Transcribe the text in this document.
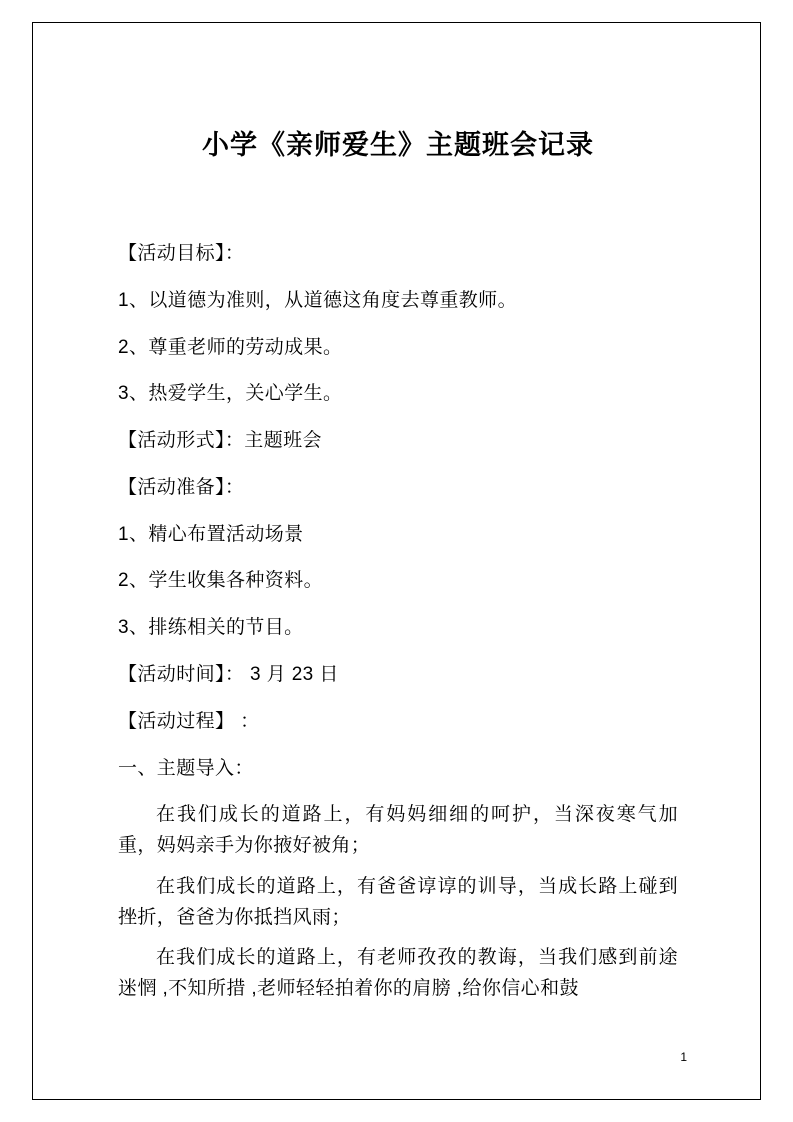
小学《亲师爱生》主题班会记录

【活动目标】：

1、以道德为准则，从道德这角度去尊重教师。

2、尊重老师的劳动成果。

3、热爱学生，关心学生。

【活动形式】：主题班会

【活动准备】：

1、精心布置活动场景

2、学生收集各种资料。

3、排练相关的节目。

【活动时间】： 3 月 23 日

【活动过程】 ：

一、主题导入：

在我们成长的道路上，有妈妈细细的呵护，当深夜寒气加重，妈妈亲手为你掖好被角；

在我们成长的道路上，有爸爸谆谆的训导，当成长路上碰到挫折，爸爸为你抵挡风雨；

在我们成长的道路上，有老师孜孜的教诲，当我们感到前途迷惘 ,不知所措 ,老师轻轻拍着你的肩膀 ,给你信心和鼓

1
